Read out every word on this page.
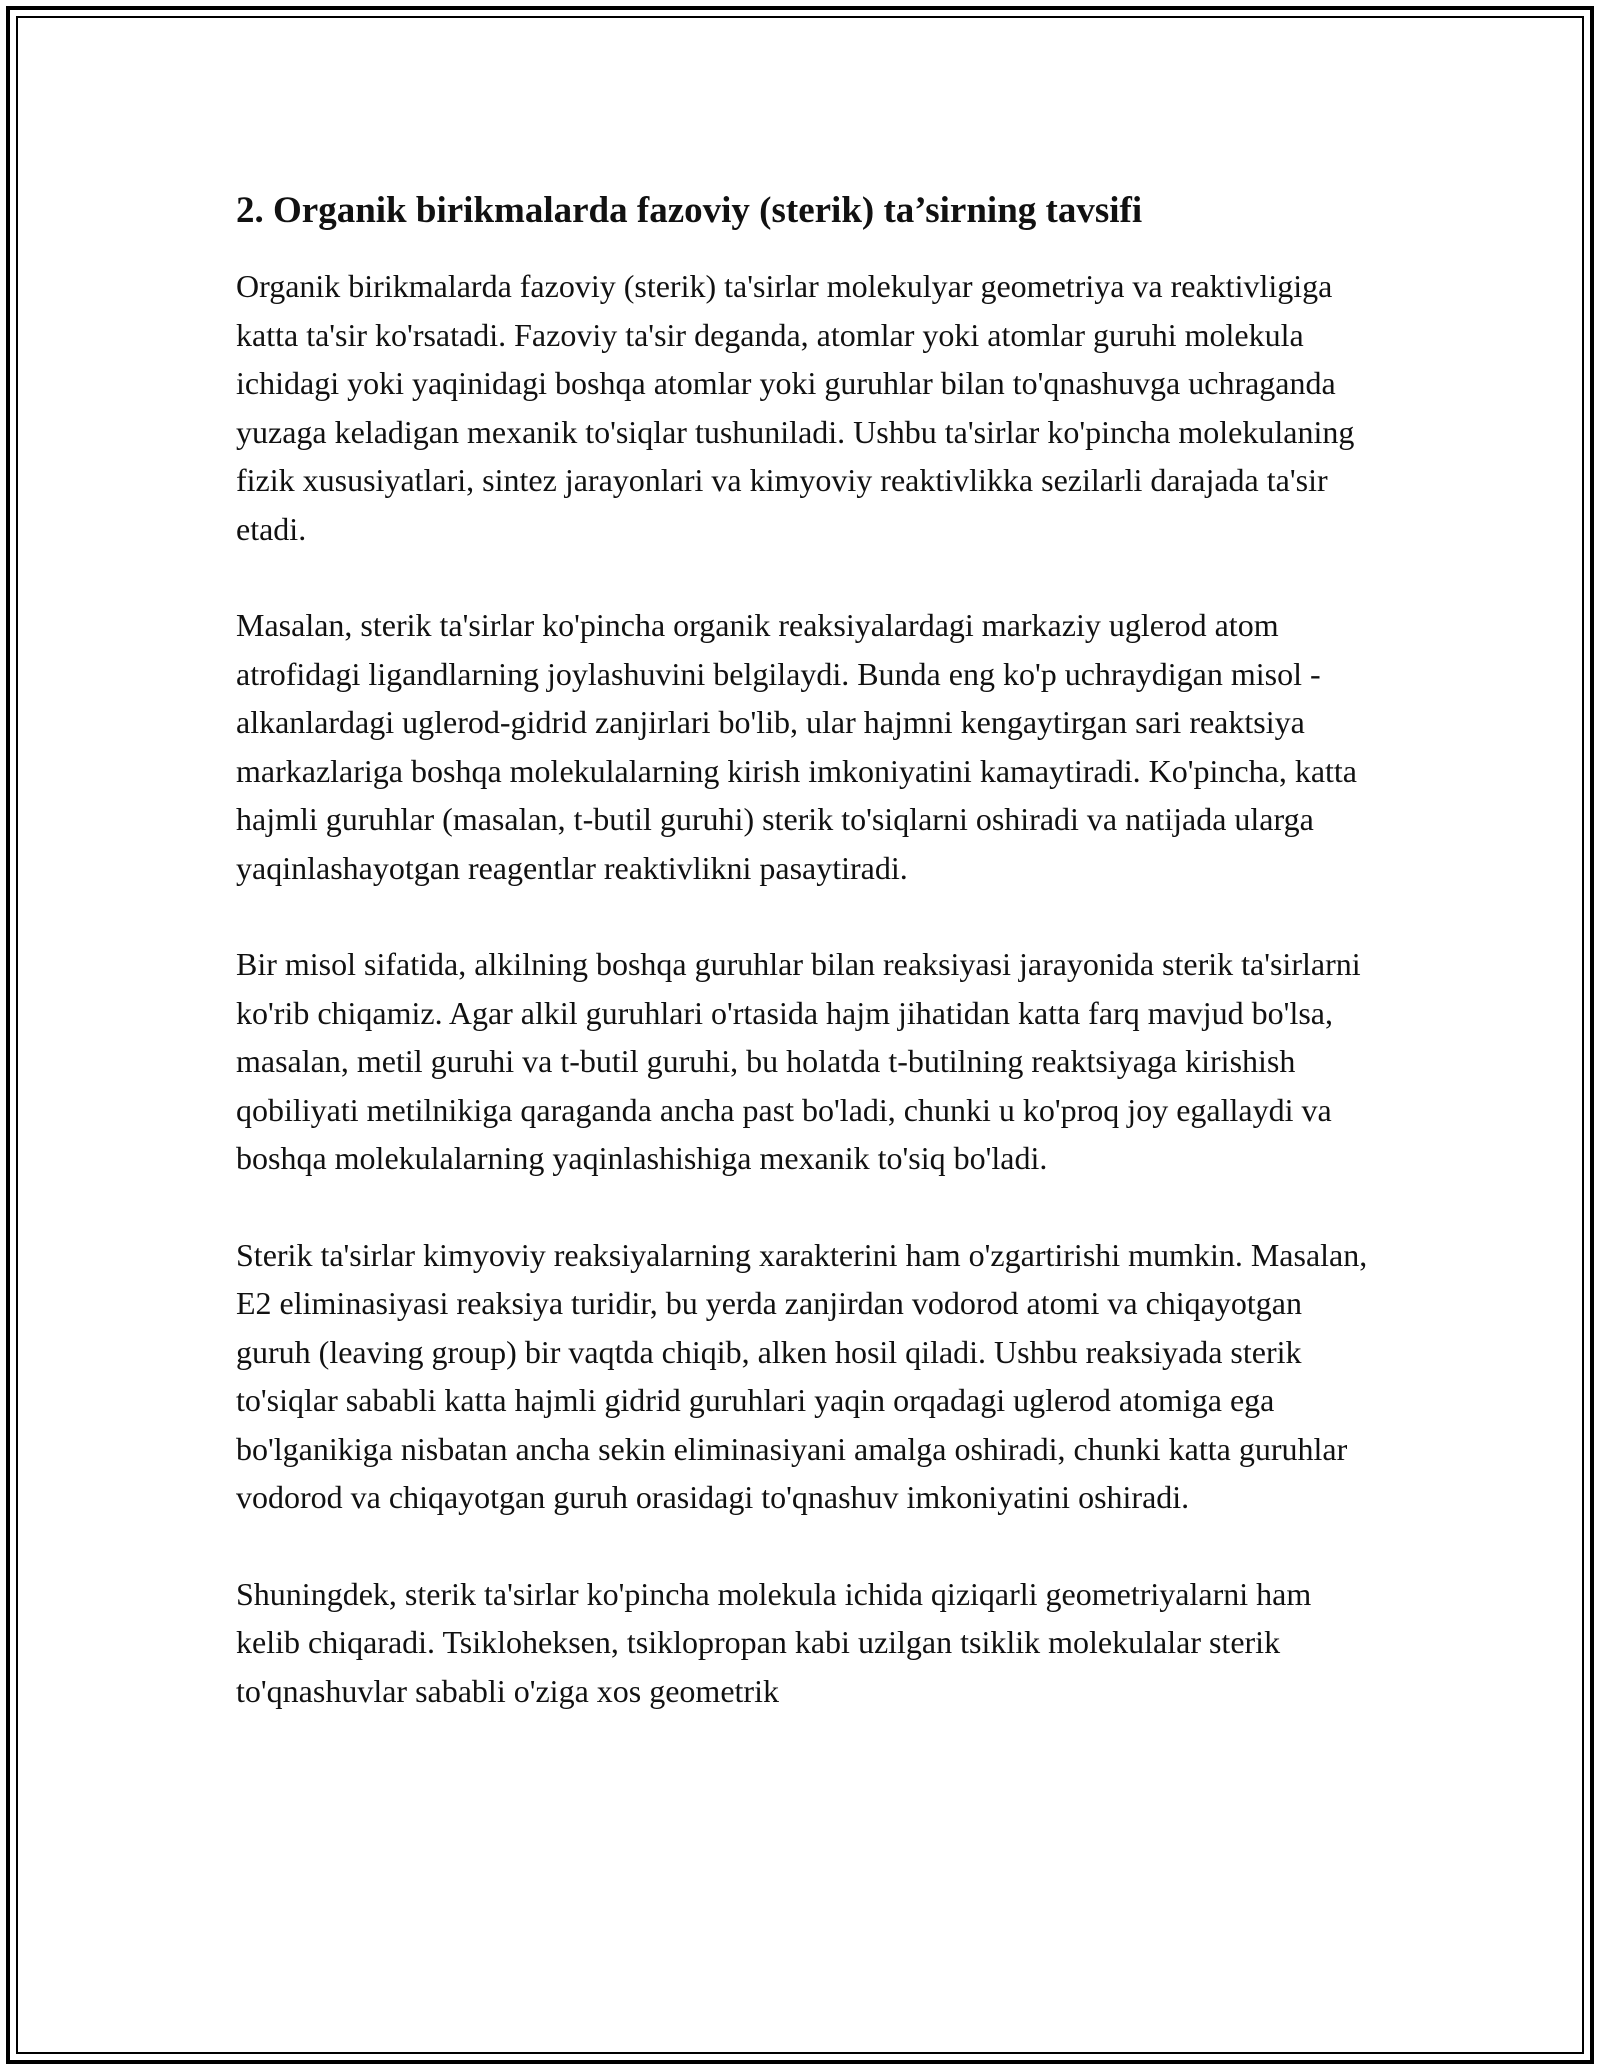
2. Organik birikmalarda fazoviy (sterik) ta’sirning tavsifi

Organik birikmalarda fazoviy (sterik) ta'sirlar molekulyar geometriya va reaktivligiga katta ta'sir ko'rsatadi. Fazoviy ta'sir deganda, atomlar yoki atomlar guruhi molekula ichidagi yoki yaqinidagi boshqa atomlar yoki guruhlar bilan to'qnashuvga uchraganda yuzaga keladigan mexanik to'siqlar tushuniladi. Ushbu ta'sirlar ko'pincha molekulaning fizik xususiyatlari, sintez jarayonlari va kimyoviy reaktivlikka sezilarli darajada ta'sir etadi.

Masalan, sterik ta'sirlar ko'pincha organik reaksiyalardagi markaziy uglerod atom atrofidagi ligandlarning joylashuvini belgilaydi. Bunda eng ko'p uchraydigan misol - alkanlardagi uglerod-gidrid zanjirlari bo'lib, ular hajmni kengaytirgan sari reaktsiya markazlariga boshqa molekulalarning kirish imkoniyatini kamaytiradi. Ko'pincha, katta hajmli guruhlar (masalan, t-butil guruhi) sterik to'siqlarni oshiradi va natijada ularga yaqinlashayotgan reagentlar reaktivlikni pasaytiradi.

Bir misol sifatida, alkilning boshqa guruhlar bilan reaksiyasi jarayonida sterik ta'sirlarni ko'rib chiqamiz. Agar alkil guruhlari o'rtasida hajm jihatidan katta farq mavjud bo'lsa, masalan, metil guruhi va t-butil guruhi, bu holatda t-butilning reaktsiyaga kirishish qobiliyati metilnikiga qaraganda ancha past bo'ladi, chunki u ko'proq joy egallaydi va boshqa molekulalarning yaqinlashishiga mexanik to'siq bo'ladi.

Sterik ta'sirlar kimyoviy reaksiyalarning xarakterini ham o'zgartirishi mumkin. Masalan, E2 eliminasiyasi reaksiya turidir, bu yerda zanjirdan vodorod atomi va chiqayotgan guruh (leaving group) bir vaqtda chiqib, alken hosil qiladi. Ushbu reaksiyada sterik to'siqlar sababli katta hajmli gidrid guruhlari yaqin orqadagi uglerod atomiga ega bo'lganikiga nisbatan ancha sekin eliminasiyani amalga oshiradi, chunki katta guruhlar vodorod va chiqayotgan guruh orasidagi to'qnashuv imkoniyatini oshiradi.

Shuningdek, sterik ta'sirlar ko'pincha molekula ichida qiziqarli geometriyalarni ham kelib chiqaradi. Tsikloheksen, tsiklopropan kabi uzilgan tsiklik molekulalar sterik to'qnashuvlar sababli o'ziga xos geometrik
